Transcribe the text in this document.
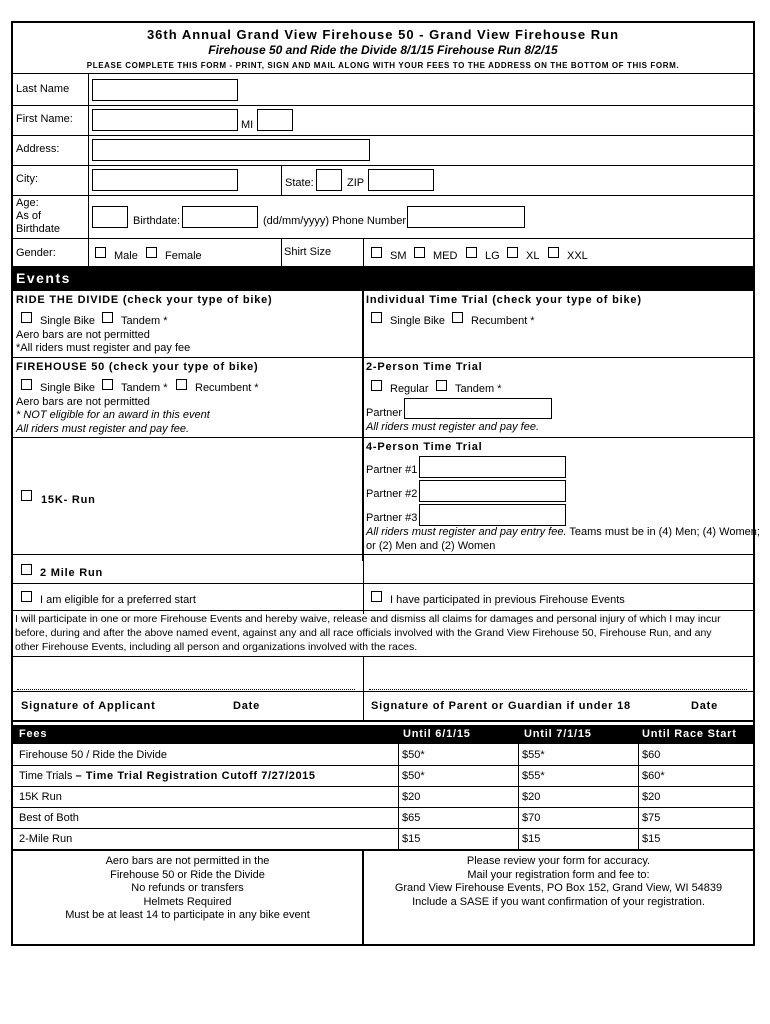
36th Annual Grand View Firehouse 50 - Grand View Firehouse Run
Firehouse 50 and Ride the Divide 8/1/15 Firehouse Run 8/2/15
PLEASE COMPLETE THIS FORM - PRINT, SIGN AND MAIL ALONG WITH YOUR FEES TO THE ADDRESS ON THE BOTTOM OF THIS FORM.
Last Name
First Name:	MI
Address:
City:	State:	ZIP
Age:
As of
Birthdate
Birthdate:	(dd/mm/yyyy) Phone Number
Gender:	Male Female	Shirt Size	SM MED	LG XL	XXL
Events
RIDE THE DIVIDE (check your type of bike)
Single Bike Tandem *
Aero bars are not permitted
*All riders must register and pay fee
Individual Time Trial (check your type of bike)
Single Bike Recumbent *
FIREHOUSE 50 (check your type of bike)
Single Bike Tandem *	Recumbent *
Aero bars are not permitted
* NOT eligible for an award in this event
All riders must register and pay fee.
2-Person Time Trial
Regular Tandem *
Partner
All riders must register and pay fee.
15K- Run
4-Person Time Trial
Partner #1
Partner #2
Partner #3
All riders must register and pay entry fee. Teams must be in (4) Men; (4) Women;
or (2) Men and (2) Women
2 Mile Run
I am eligible for a preferred start	I have participated in previous Firehouse Events
I will participate in one or more Firehouse Events and hereby waive, release and dismiss all claims for damages and personal injury of which I may incur
before, during and after the above named event, against any and all race officials involved with the Grand View Firehouse 50, Firehouse Run, and any
other Firehouse Events, including all person and organizations involved with the races.
Signature of Applicant	Date	Signature of Parent or Guardian if under 18	Date
Fees	Until 6/1/15	Until 7/1/15	Until Race Start
Firehouse 50 / Ride the Divide	$50*	$55*	$60
Time Trials – Time Trial Registration Cutoff 7/27/2015	$50*	$55*	$60*
15K Run	$20	$20	$20
Best of Both	$65	$70	$75
2-Mile Run	$15	$15	$15
Aero bars are not permitted in the
Firehouse 50 or Ride the Divide
No refunds or transfers
Helmets Required
Must be at least 14 to participate in any bike event
Please review your form for accuracy.
Mail your registration form and fee to:
Grand View Firehouse Events, PO Box 152, Grand View, WI 54839
Include a SASE if you want confirmation of your registration.
